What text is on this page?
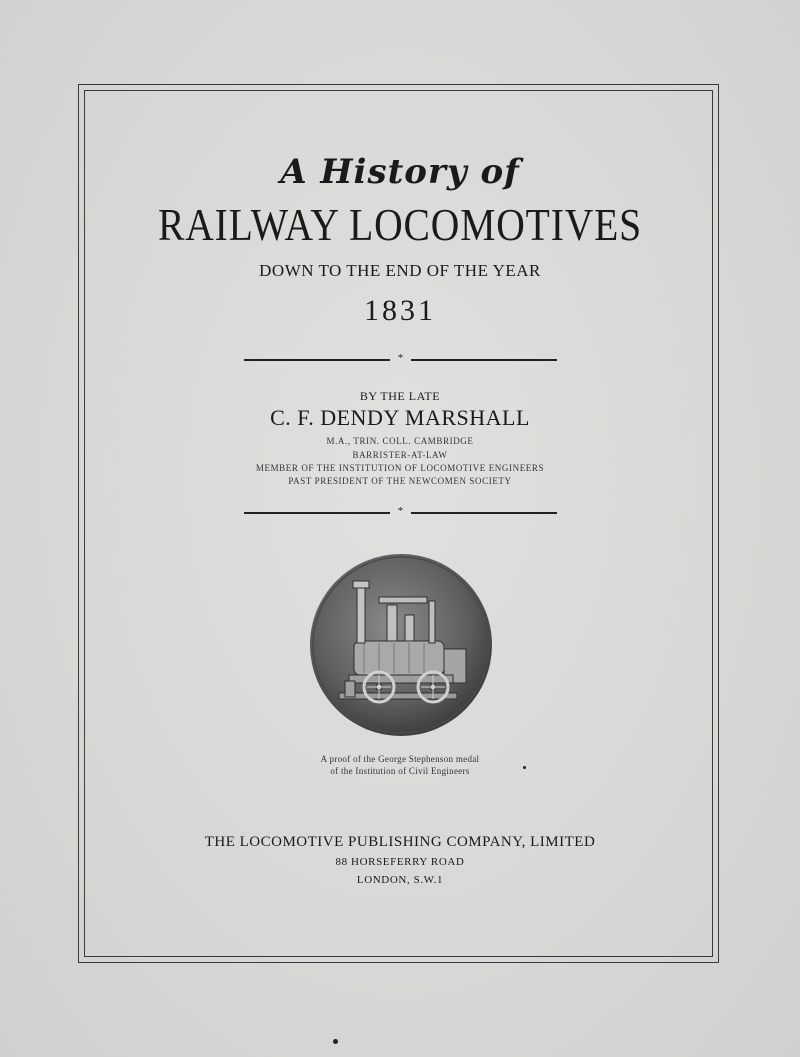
A History of
RAILWAY LOCOMOTIVES
DOWN TO THE END OF THE YEAR
1831
*
BY THE LATE
C. F. DENDY MARSHALL
M.A., TRIN. COLL. CAMBRIDGE
BARRISTER-AT-LAW
MEMBER OF THE INSTITUTION OF LOCOMOTIVE ENGINEERS
PAST PRESIDENT OF THE NEWCOMEN SOCIETY
*
A proof of the George Stephenson medal
of the Institution of Civil Engineers
THE LOCOMOTIVE PUBLISHING COMPANY, LIMITED
88 HORSEFERRY ROAD
LONDON, S.W.1
